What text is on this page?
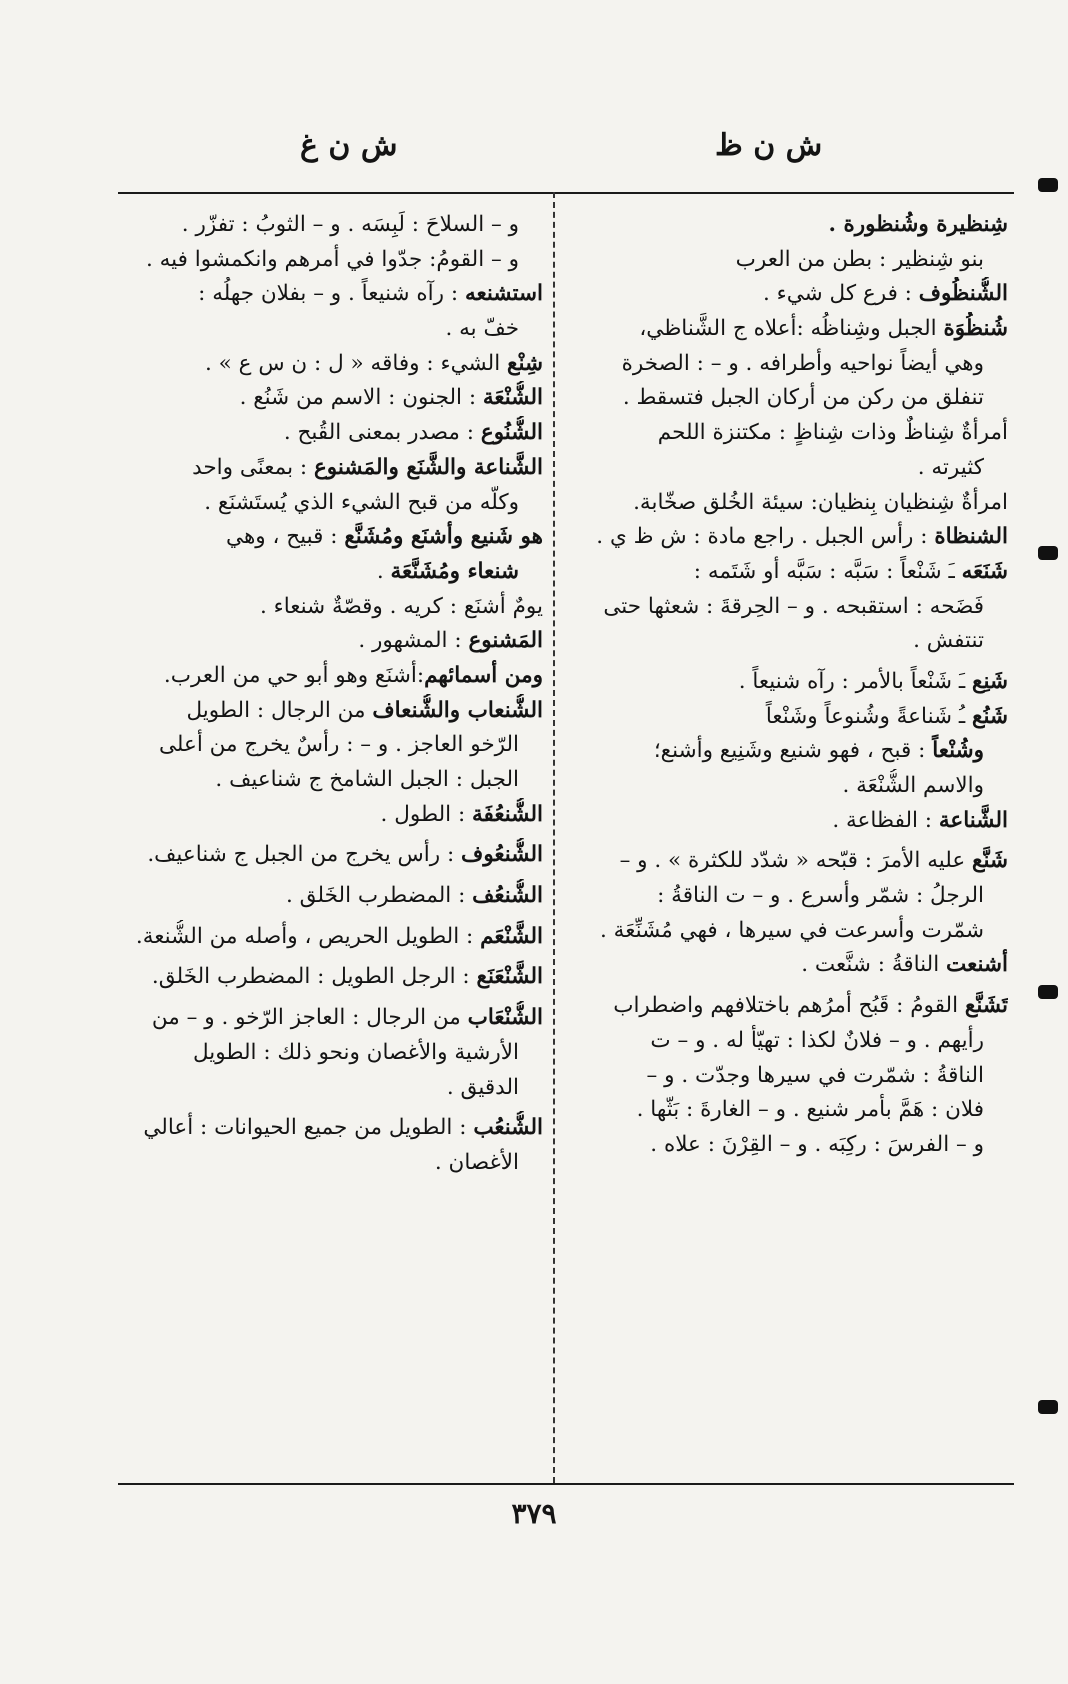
ش ن ظ
ش ن غ
شِنظيرة وشُنظورة .
بنو شِنظير : بطن من العرب
الشُّنظُوف : فرع كل شيء .
شُنظُوَة الجبل وشِناظُه :أعلاه ج الشَّناظي،
وهي أيضاً نواحيه وأطرافه . و – : الصخرة
تنفلق من ركن من أركان الجبل فتسقط .
أمرأةٌ شِناظٌ وذات شِناظٍ : مكتنزة اللحم
كثيرته .
امرأةٌ شِنظيان بِنظيان: سيئة الخُلق صخّابة.
الشنظاة : رأس الجبل . راجع مادة : ش ظ ي .
شَنَعَه ـَ شَنْعاً : سَبَّه : سَبَّه أو شَتَمه :
فَضَحه : استقبحه . و – الحِرقةَ : شعثها حتى
تنتفش .
شَنِع ـَ شَنْعاً بالأمر : رآه شنيعاً .
شَنُع ـُ شَناعةً وشُنوعاً وشَنْعاً
وشُنْعاً : قبح ، فهو شنيع وشَنِيع وأشنع؛
والاسم الشُّنْعَة .
الشَّناعة : الفظاعة .
شَنَّع عليه الأمرَ : قبّحه « شدّد للكثرة » . و –
الرجلُ : شمّر وأسرع . و – ت الناقةُ :
شمّرت وأسرعت في سيرها ، فهي مُشَنِّعَة .
أشنعت الناقةُ : شنَّعت .
تَشَنَّع القومُ : قَبُح أمرُهم باختلافهم واضطراب
رأيهم . و – فلانٌ لكذا : تهيّأ له . و – ت
الناقةُ : شمّرت في سيرها وجدّت . و –
فلان : هَمَّ بأمر شنيع . و – الغارةَ : بَثّها .
و – الفرسَ : ركِبَه . و – القِرْنَ : علاه .
و – السلاحَ : لَبِسَه . و – الثوبُ : تفزّر .
و – القومُ: جدّوا في أمرهم وانكمشوا فيه .
استشنعه : رآه شنيعاً . و – بفلان جهلُه :
خفّ به .
شِنْع الشيء : وفاقه « ل : ن س ع » .
الشُّنْعَة : الجنون : الاسم من شَنُع .
الشُّنُوع : مصدر بمعنى القُبح .
الشَّناعة والشَّنَع والمَشنوع : بمعنًى واحد
وكلّه من قبح الشيء الذي يُستَشنَع .
هو شَنيع وأشنَع ومُشَنَّع : قبيح ، وهي
شنعاء ومُشَنَّعَة .
يومٌ أشنَع : كريه . وقصّةٌ شنعاء .
المَشنوع : المشهور .
ومن أسمائهم:أشنَع وهو أبو حي من العرب.
الشُّنعاب والشُّنعاف من الرجال : الطويل
الرّخو العاجز . و – : رأسٌ يخرج من أعلى
الجبل : الجبل الشامخ ج شناعيف .
الشُّنعُفَة : الطول .
الشُّنعُوف : رأس يخرج من الجبل ج شناعيف.
الشُّنعُف : المضطرب الخَلق .
الشَّنْعَم : الطويل الحريص ، وأصله من الشُّنعة.
الشَّنْعَنَع : الرجل الطويل : المضطرب الخَلق.
الشُّنْعَاب من الرجال : العاجز الرّخو . و – من
الأرشية والأغصان ونحو ذلك : الطويل
الدقيق .
الشُّنعُب : الطويل من جميع الحيوانات : أعالي
الأغصان .
٣٧٩
